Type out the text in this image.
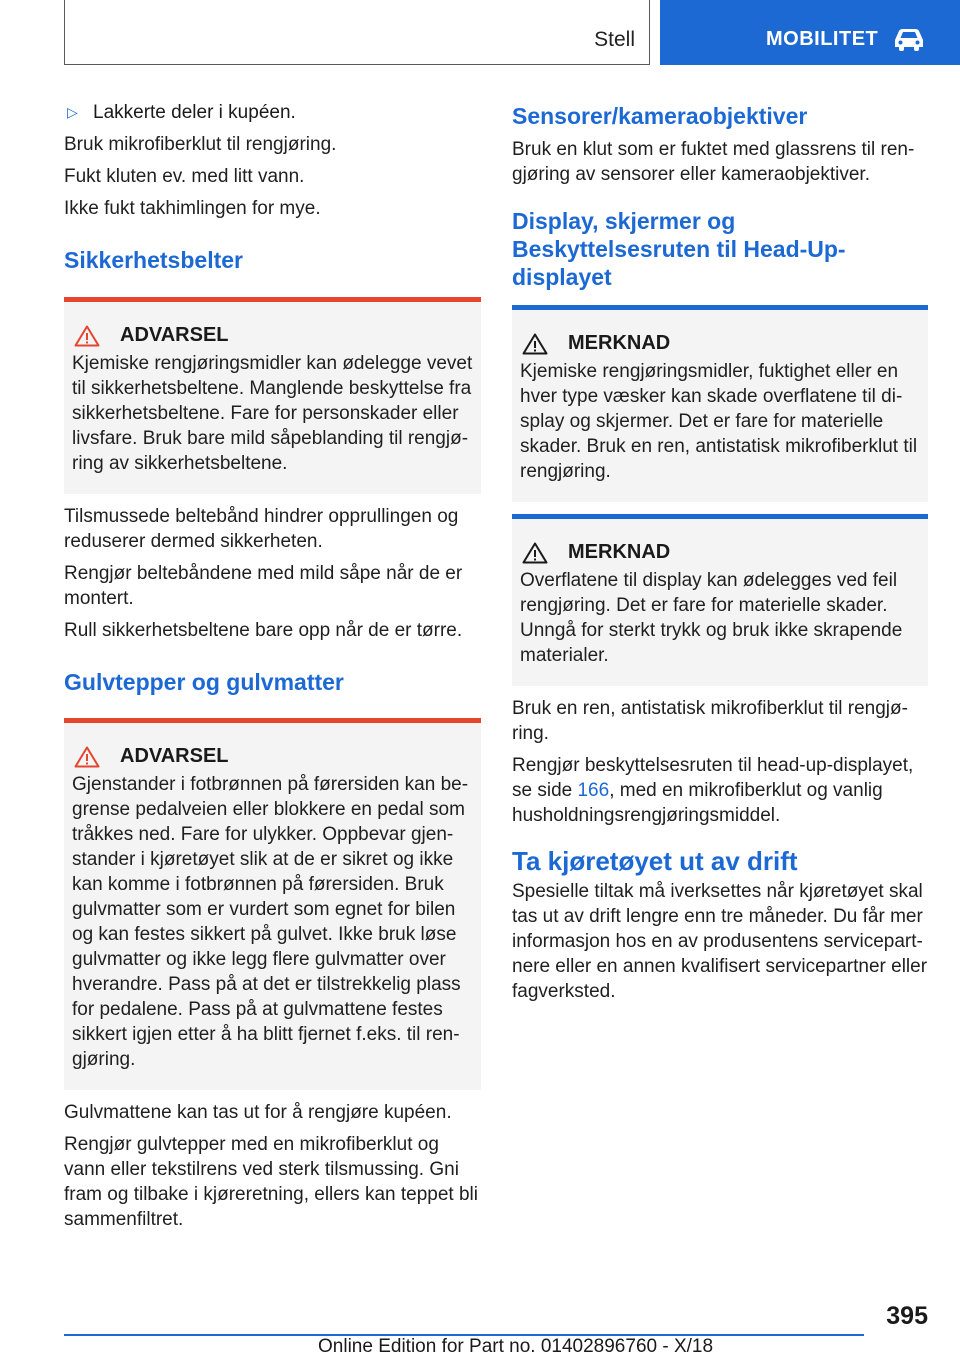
Stell	MOBILITET
▷ Lakkerte deler i kupéen.

Bruk mikrofiberklut til rengjøring.

Fukt kluten ev. med litt vann.

Ikke fukt takhimlingen for mye.

Sikkerhetsbelter
ADVARSEL
Kjemiske rengjøringsmidler kan ødelegge vevet til sikkerhetsbeltene. Manglende beskyttelse fra sikkerhetsbeltene. Fare for personskader eller livsfare. Bruk bare mild såpeblanding til rengjøring av sikkerhetsbeltene.

Tilsmussede beltebånd hindrer opprullingen og reduserer dermed sikkerheten.

Rengjør beltebåndene med mild såpe når de er montert.

Rull sikkerhetsbeltene bare opp når de er tørre.

Gulvtepper og gulvmatter
ADVARSEL
Gjenstander i fotbrønnen på førersiden kan begrense pedalveien eller blokkere en pedal som tråkkes ned. Fare for ulykker. Oppbevar gjenstander i kjøretøyet slik at de er sikret og ikke kan komme i fotbrønnen på førersiden. Bruk gulvmatter som er vurdert som egnet for bilen og kan festes sikkert på gulvet. Ikke bruk løse gulvmatter og ikke legg flere gulvmatter over hverandre. Pass på at det er tilstrekkelig plass for pedalene. Pass på at gulvmattene festes sikkert igjen etter å ha blitt fjernet f.eks. til rengjøring.

Gulvmattene kan tas ut for å rengjøre kupéen.

Rengjør gulvtepper med en mikrofiberklut og vann eller tekstilrens ved sterk tilsmussing. Gni fram og tilbake i kjøreretning, ellers kan teppet bli sammenfiltret.

Sensorer/kameraobjektiver

Bruk en klut som er fuktet med glassrens til rengjøring av sensorer eller kameraobjektiver.

Display, skjermer og Beskyttelsesruten til Head-Up-displayet
MERKNAD
Kjemiske rengjøringsmidler, fuktighet eller en hver type væsker kan skade overflatene til display og skjermer. Det er fare for materielle skader. Bruk en ren, antistatisk mikrofiberklut til rengjøring.
MERKNAD
Overflatene til display kan ødelegges ved feil rengjøring. Det er fare for materielle skader. Unngå for sterkt trykk og bruk ikke skrapende materialer.

Bruk en ren, antistatisk mikrofiberklut til rengjøring.

Rengjør beskyttelsesruten til head-up-displayet, se side 166, med en mikrofiberklut og vanlig husholdningsrengjøringsmiddel.

Ta kjøretøyet ut av drift

Spesielle tiltak må iverksettes når kjøretøyet skal tas ut av drift lengre enn tre måneder. Du får mer informasjon hos en av produsentens servicepartnere eller en annen kvalifisert servicepartner eller fagverksted.

395
Online Edition for Part no. 01402896760 - X/18
